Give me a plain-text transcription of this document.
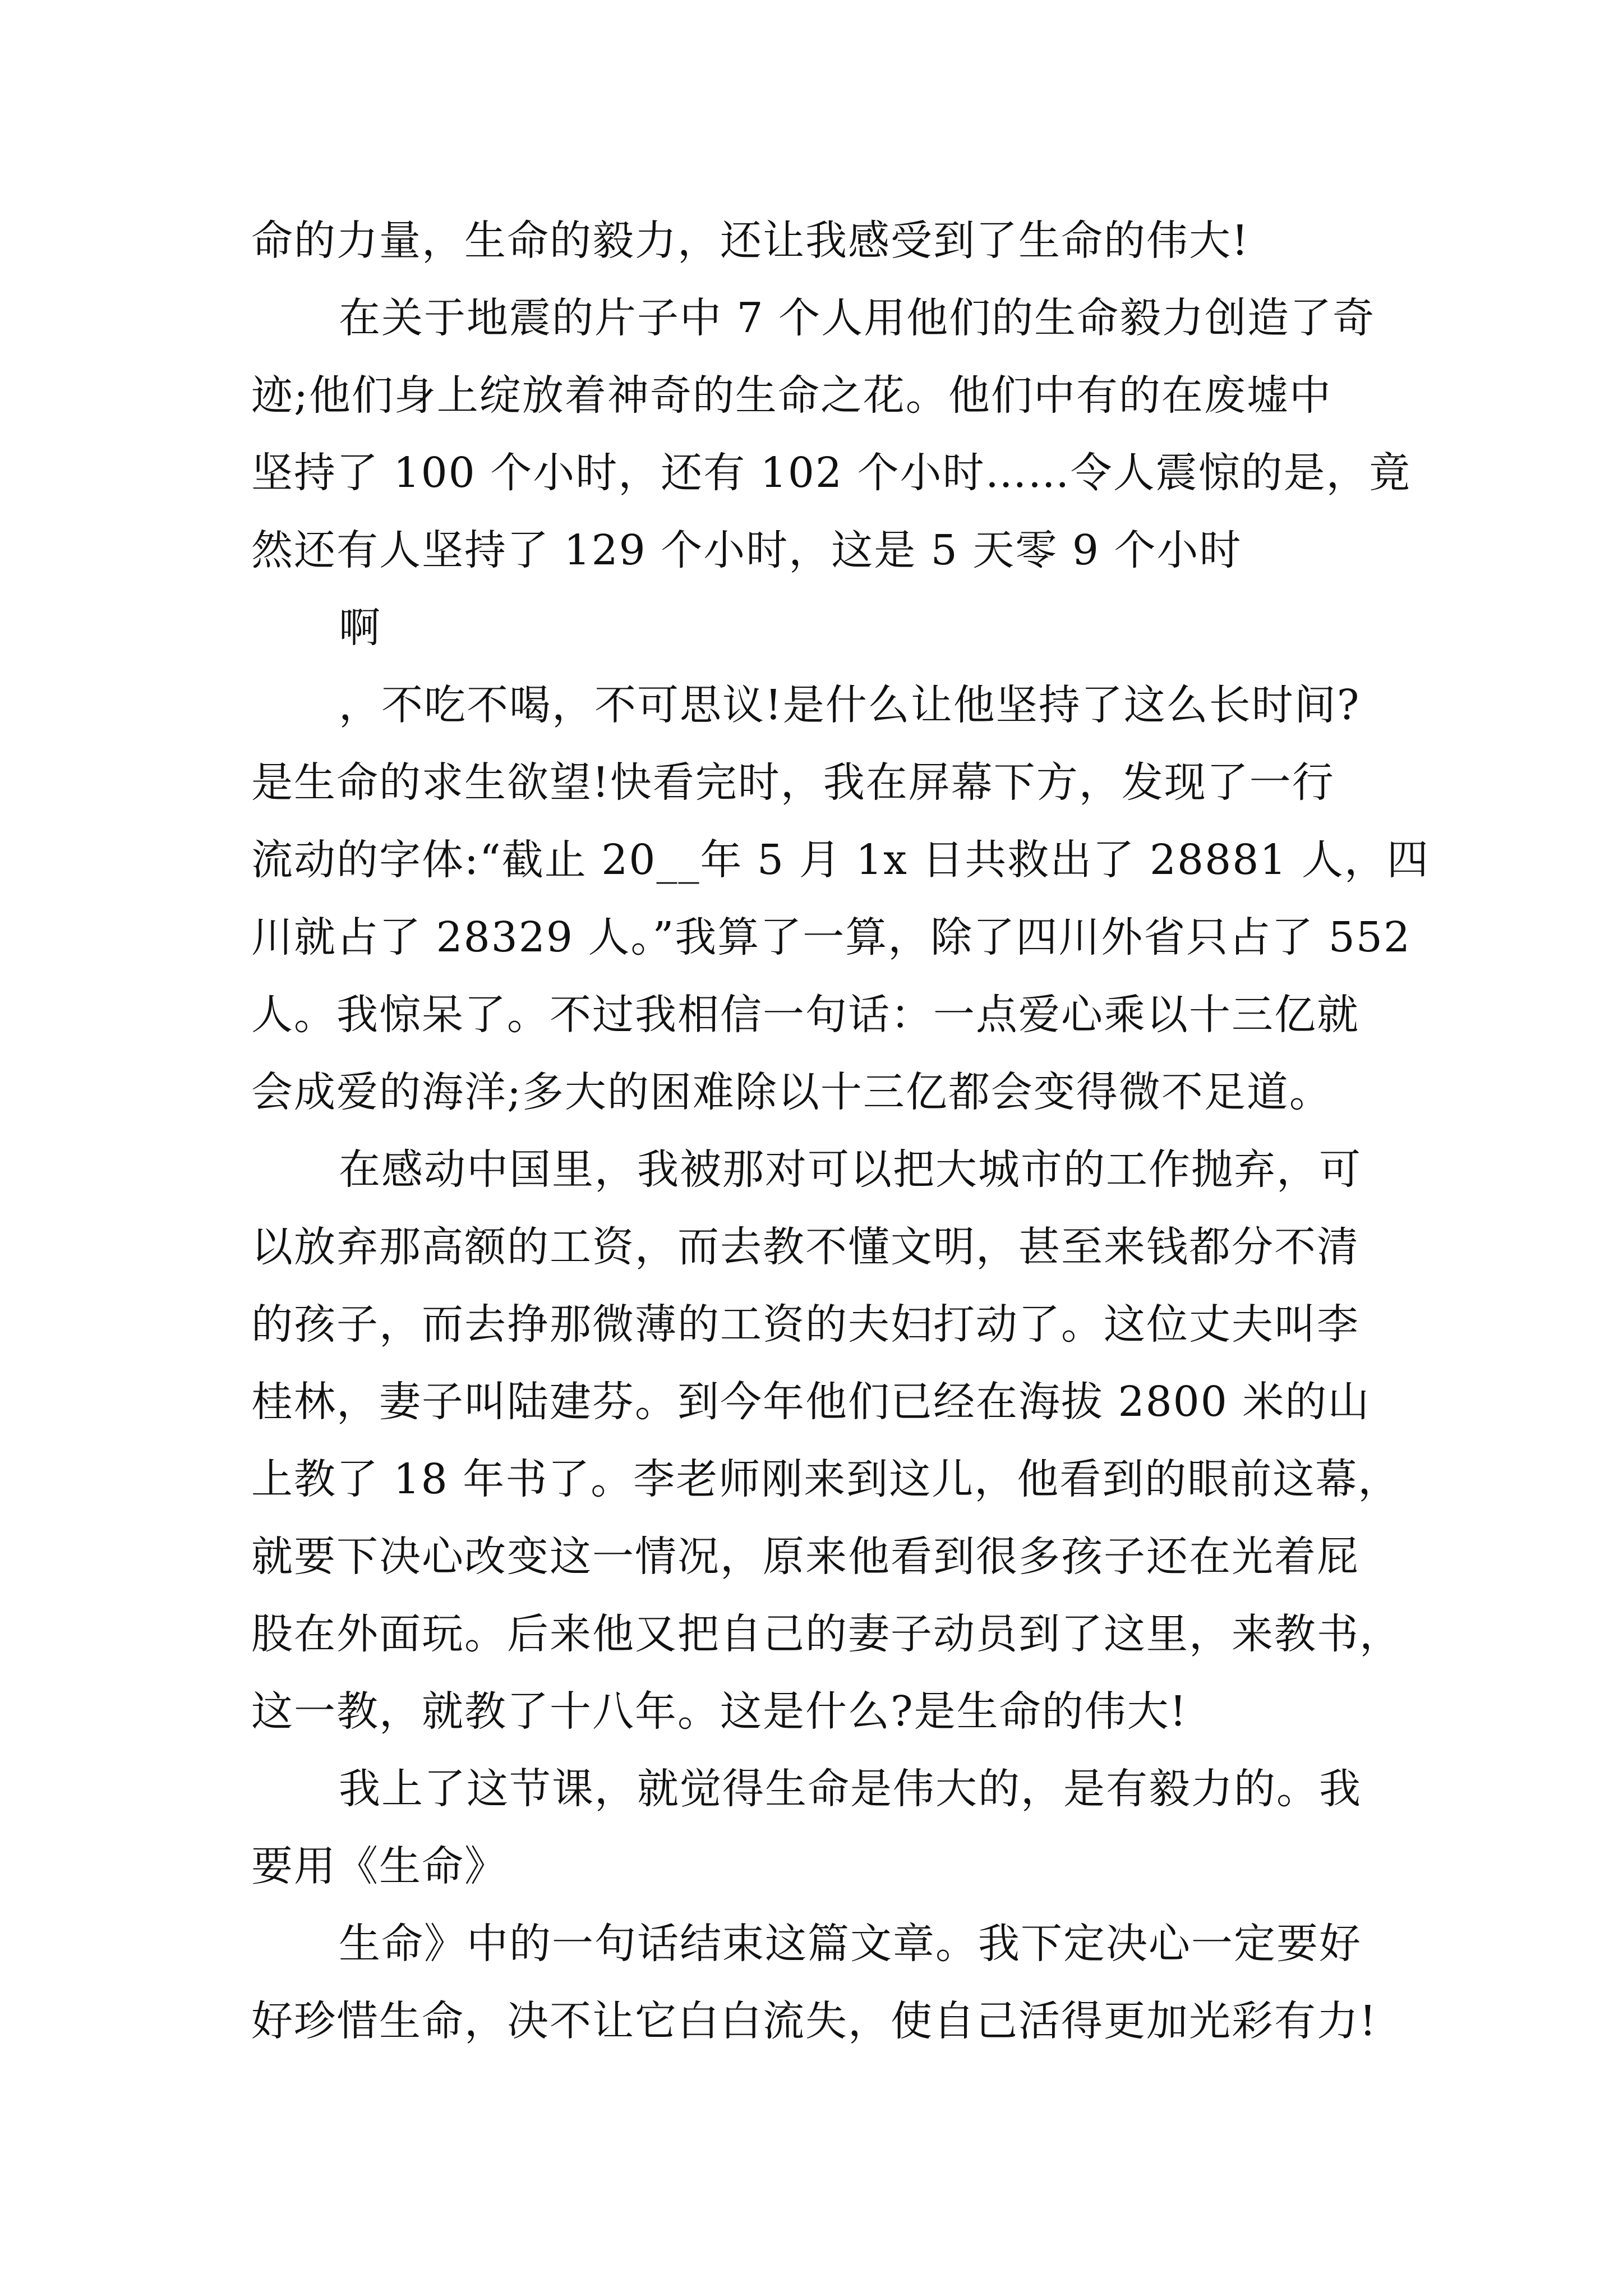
命的力量，生命的毅力，还让我感受到了生命的伟大!
在关于地震的片子中 7 个人用他们的生命毅力创造了奇
迹;他们身上绽放着神奇的生命之花。他们中有的在废墟中
坚持了 100 个小时，还有 102 个小时……令人震惊的是，竟
然还有人坚持了 129 个小时，这是 5 天零 9 个小时
啊
，不吃不喝，不可思议!是什么让他坚持了这么长时间?
是生命的求生欲望!快看完时，我在屏幕下方，发现了一行
流动的字体:“截止 20__年 5 月 1x 日共救出了 28881 人，四
川就占了 28329 人。”我算了一算，除了四川外省只占了 552
人。我惊呆了。不过我相信一句话：一点爱心乘以十三亿就
会成爱的海洋;多大的困难除以十三亿都会变得微不足道。
在感动中国里，我被那对可以把大城市的工作抛弃，可
以放弃那高额的工资，而去教不懂文明，甚至来钱都分不清
的孩子，而去挣那微薄的工资的夫妇打动了。这位丈夫叫李
桂林，妻子叫陆建芬。到今年他们已经在海拔 2800 米的山
上教了 18 年书了。李老师刚来到这儿，他看到的眼前这幕，
就要下决心改变这一情况，原来他看到很多孩子还在光着屁
股在外面玩。后来他又把自己的妻子动员到了这里，来教书，
这一教，就教了十八年。这是什么?是生命的伟大!
我上了这节课，就觉得生命是伟大的，是有毅力的。我
要用《生命》
生命》中的一句话结束这篇文章。我下定决心一定要好
好珍惜生命，决不让它白白流失，使自己活得更加光彩有力!
